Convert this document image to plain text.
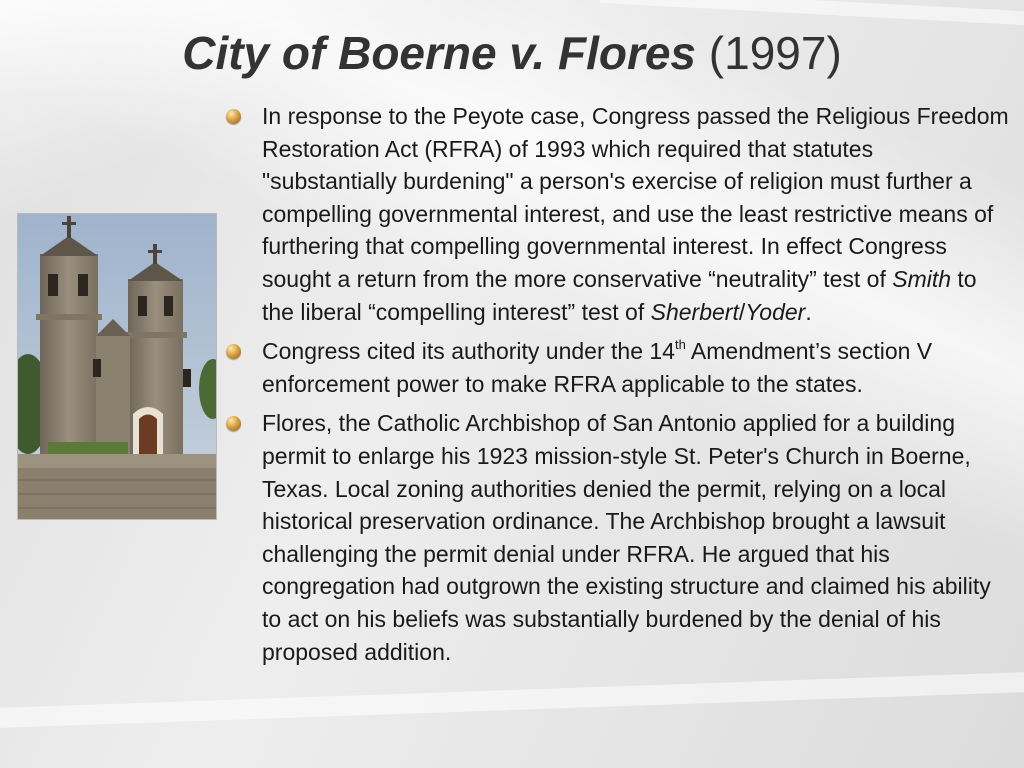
City of Boerne v. Flores (1997)
In response to the Peyote case, Congress passed the Religious Freedom Restoration Act (RFRA) of 1993 which required that statutes "substantially burdening" a person's exercise of religion must further a compelling governmental interest, and use the least restrictive means of furthering that compelling governmental interest. In effect Congress sought a return from the more conservative “neutrality” test of Smith to the liberal “compelling interest” test of Sherbert/Yoder.
Congress cited its authority under the 14th Amendment’s section V enforcement power to make RFRA applicable to the states.
Flores, the Catholic Archbishop of San Antonio applied for a building permit to enlarge his 1923 mission-style St. Peter's Church in Boerne, Texas. Local zoning authorities denied the permit, relying on a local historical preservation ordinance. The Archbishop brought a lawsuit challenging the permit denial under RFRA. He argued that his congregation had outgrown the existing structure and claimed his ability to act on his beliefs was substantially burdened by the denial of his proposed addition.
